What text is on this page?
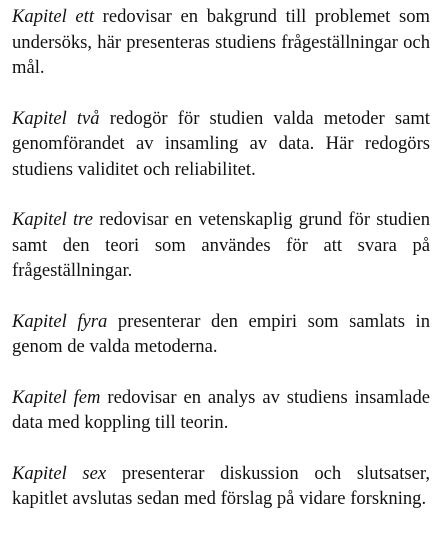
Kapitel ett redovisar en bakgrund till problemet som undersöks, här presenteras studiens frågeställningar och mål.

Kapitel två redogör för studien valda metoder samt genomförandet av insamling av data. Här redogörs studiens validitet och reliabilitet.

Kapitel tre redovisar en vetenskaplig grund för studien samt den teori som användes för att svara på frågeställningar.

Kapitel fyra presenterar den empiri som samlats in genom de valda metoderna.

Kapitel fem redovisar en analys av studiens insamlade data med koppling till teorin.

Kapitel sex presenterar diskussion och slutsatser, kapitlet avslutas sedan med förslag på vidare forskning.
